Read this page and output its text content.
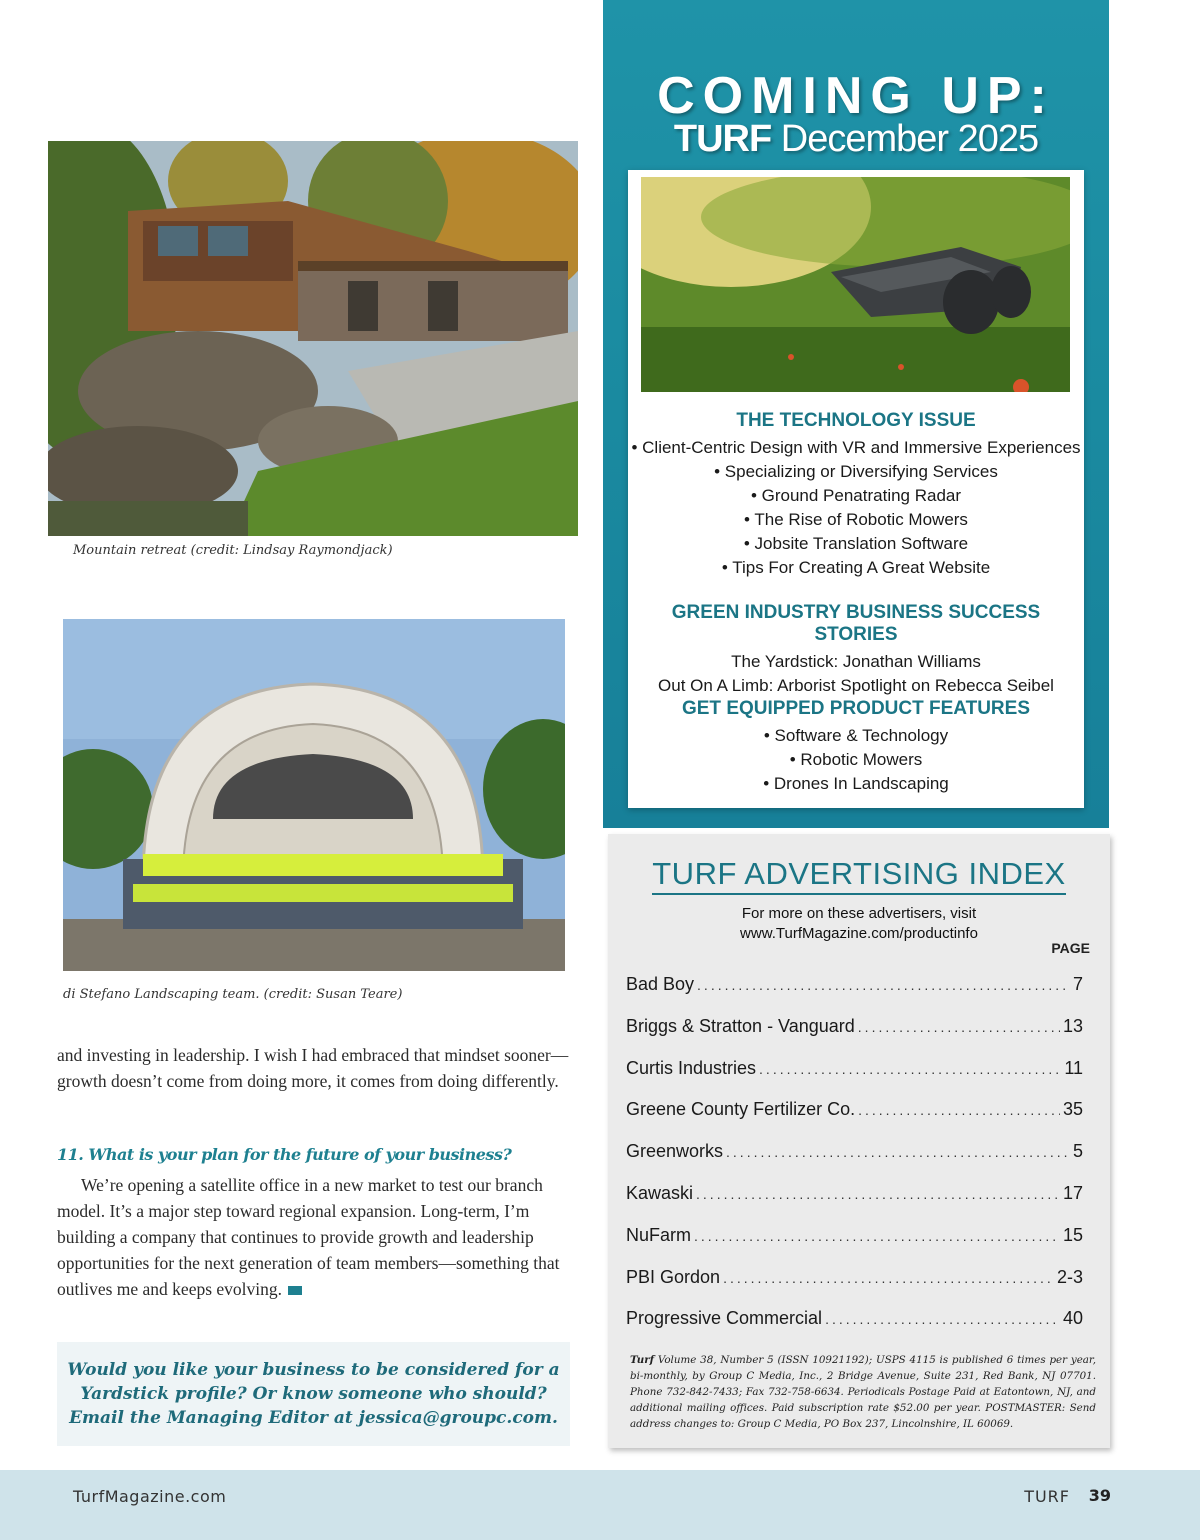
Mountain retreat (credit: Lindsay Raymondjack)
di Stefano Landscaping team. (credit: Susan Teare)

and investing in leadership. I wish I had embraced that mindset sooner—growth doesn’t come from doing more, it comes from doing differently.

11. What is your plan for the future of your business?

We’re opening a satellite office in a new market to test our branch model. It’s a major step toward regional expansion. Long-term, I’m building a company that continues to provide growth and leadership opportunities for the next generation of team members—something that outlives me and keeps evolving.

Would you like your business to be considered for a
Yardstick profile? Or know someone who should?
Email the Managing Editor at jessica@groupc.com.

COMING UP:
TURF December 2025
THE TECHNOLOGY ISSUE
• Client-Centric Design with VR and Immersive Experiences
• Specializing or Diversifying Services
• Ground Penatrating Radar
• The Rise of Robotic Mowers
• Jobsite Translation Software
• Tips For Creating A Great Website
GREEN INDUSTRY BUSINESS SUCCESS STORIES
The Yardstick: Jonathan Williams
Out On A Limb: Arborist Spotlight on Rebecca Seibel
GET EQUIPPED PRODUCT FEATURES
• Software & Technology
• Robotic Mowers
• Drones In Landscaping
TURF ADVERTISING INDEX
For more on these advertisers, visit
www.TurfMagazine.com/productinfo
PAGE
Bad Boy .....	7
Briggs & Stratton - Vanguard .....	13
Curtis Industries .....	11
Greene County Fertilizer Co. .....	35
Greenworks .....	5
Kawaski .....	17
NuFarm .....	15
PBI Gordon .....	2-3
Progressive Commercial .....	40

Turf Volume 38, Number 5 (ISSN 10921192); USPS 4115 is published 6 times per year, bi-monthly, by Group C Media, Inc., 2 Bridge Avenue, Suite 231, Red Bank, NJ 07701. Phone 732-842-7433; Fax 732-758-6634. Periodicals Postage Paid at Eatontown, NJ, and additional mailing offices. Paid subscription rate $52.00 per year. POSTMASTER: Send address changes to: Group C Media, PO Box 237, Lincolnshire, IL 60069.

TurfMagazine.com	TURF 39
